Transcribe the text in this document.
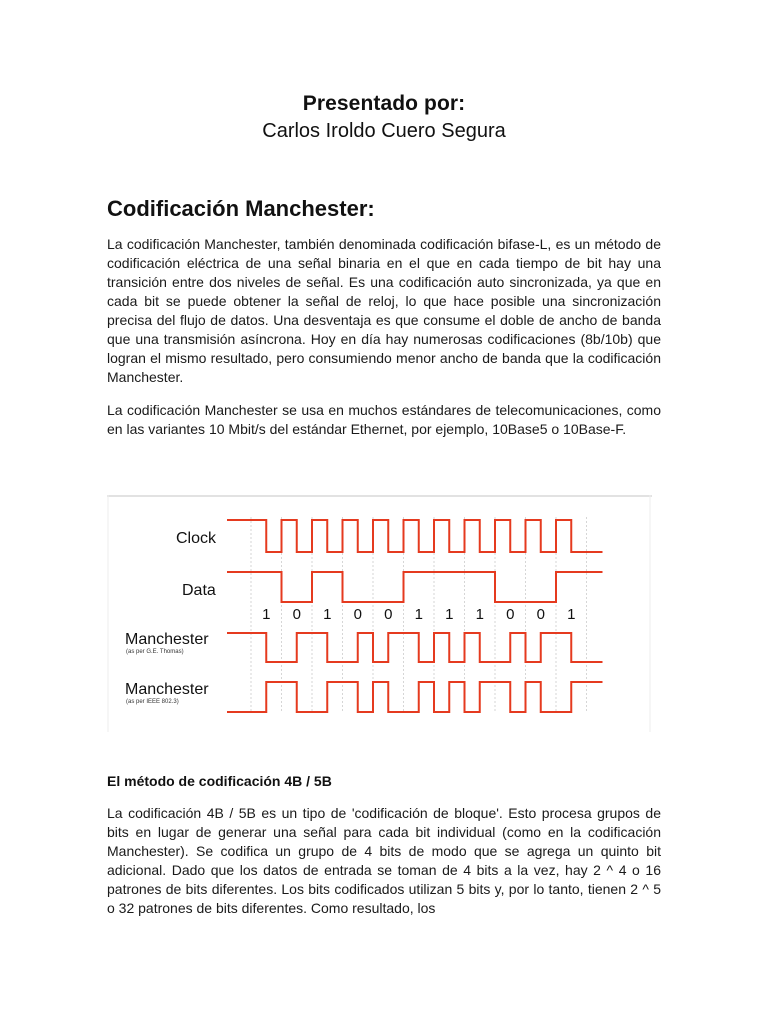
Presentado por:
Carlos Iroldo Cuero Segura
Codificación Manchester:
La codificación Manchester, también denominada codificación bifase-L, es un método de codificación eléctrica de una señal binaria en el que en cada tiempo de bit hay una transición entre dos niveles de señal. Es una codificación auto sincronizada, ya que en cada bit se puede obtener la señal de reloj, lo que hace posible una sincronización precisa del flujo de datos. Una desventaja es que consume el doble de ancho de banda que una transmisión asíncrona. Hoy en día hay numerosas codificaciones (8b/10b) que logran el mismo resultado, pero consumiendo menor ancho de banda que la codificación Manchester.
La codificación Manchester se usa en muchos estándares de telecomunicaciones, como en las variantes 10 Mbit/s del estándar Ethernet, por ejemplo, 10Base5 o 10Base-F.
Clock
Data
Manchester
(as per G.E. Thomas)
Manchester
(as per IEEE 802.3)
1 0 1 0 0 1 1 1 0 0 1
El método de codificación 4B / 5B
La codificación 4B / 5B es un tipo de 'codificación de bloque'. Esto procesa grupos de bits en lugar de generar una señal para cada bit individual (como en la codificación Manchester). Se codifica un grupo de 4 bits de modo que se agrega un quinto bit adicional. Dado que los datos de entrada se toman de 4 bits a la vez, hay 2 ^ 4 o 16 patrones de bits diferentes. Los bits codificados utilizan 5 bits y, por lo tanto, tienen 2 ^ 5 o 32 patrones de bits diferentes. Como resultado, los
